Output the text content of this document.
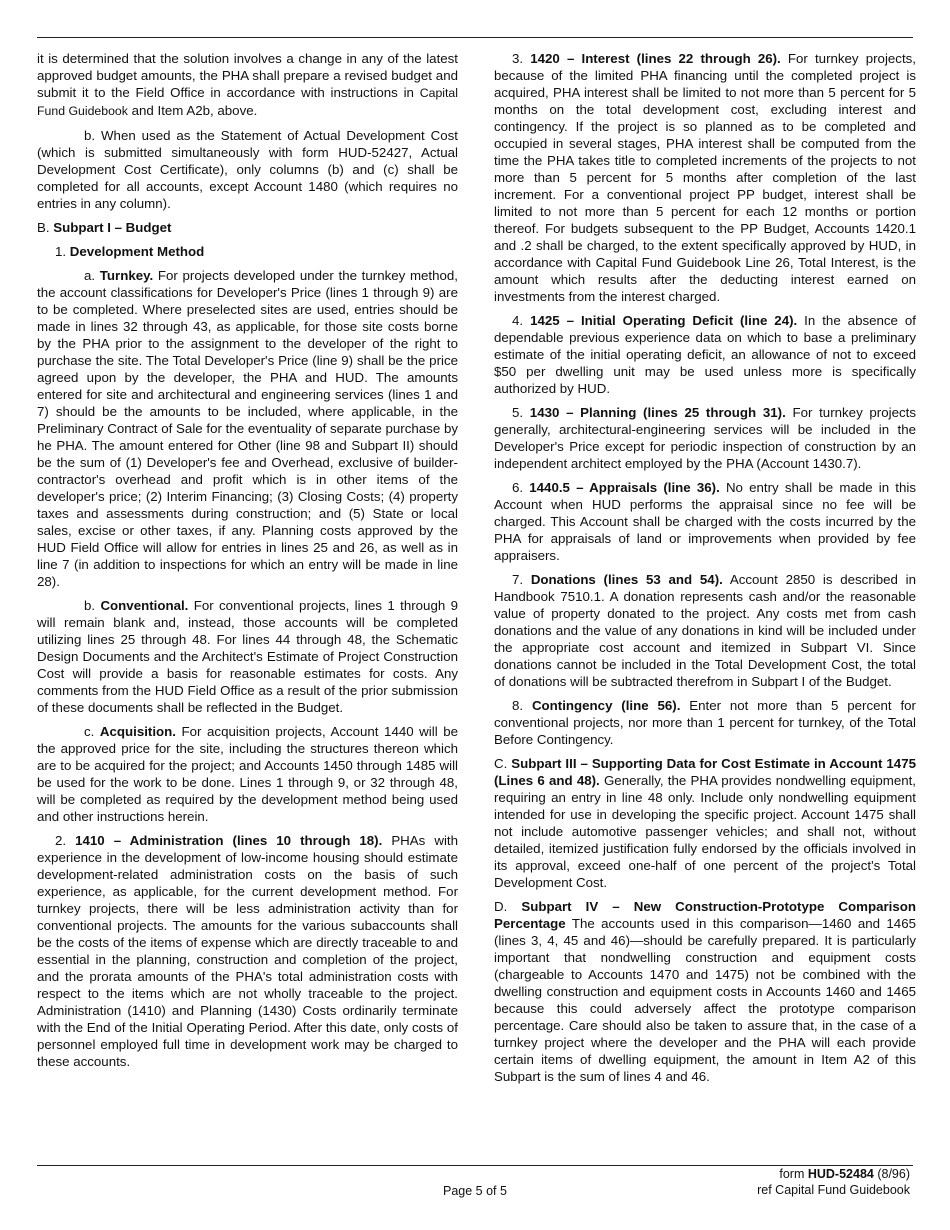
it is determined that the solution involves a change in any of the latest approved budget amounts, the PHA shall prepare a revised budget and submit it to the Field Office in accordance with instructions in Capital Fund Guidebook and Item A2b, above.

b. When used as the Statement of Actual Development Cost (which is submitted simultaneously with form HUD-52427, Actual Development Cost Certificate), only columns (b) and (c) shall be completed for all accounts, except Account 1480 (which requires no entries in any column).

B. Subpart I – Budget

1. Development Method

a. Turnkey. For projects developed under the turnkey method, the account classifications for Developer's Price (lines 1 through 9) are to be completed. Where preselected sites are used, entries should be made in lines 32 through 43, as applicable, for those site costs borne by the PHA prior to the assignment to the developer of the right to purchase the site. The Total Developer's Price (line 9) shall be the price agreed upon by the developer, the PHA and HUD. The amounts entered for site and architectural and engineering services (lines 1 and 7) should be the amounts to be included, where applicable, in the Preliminary Contract of Sale for the eventuality of separate purchase by he PHA. The amount entered for Other (line 98 and Subpart II) should be the sum of (1) Developer's fee and Overhead, exclusive of builder-contractor's overhead and profit which is in other items of the developer's price; (2) Interim Financing; (3) Closing Costs; (4) property taxes and assessments during construction; and (5) State or local sales, excise or other taxes, if any. Planning costs approved by the HUD Field Office will allow for entries in lines 25 and 26, as well as in line 7 (in addition to inspections for which an entry will be made in line 28).

b. Conventional. For conventional projects, lines 1 through 9 will remain blank and, instead, those accounts will be completed utilizing lines 25 through 48. For lines 44 through 48, the Schematic Design Documents and the Architect's Estimate of Project Construction Cost will provide a basis for reasonable estimates for costs. Any comments from the HUD Field Office as a result of the prior submission of these documents shall be reflected in the Budget.

c. Acquisition. For acquisition projects, Account 1440 will be the approved price for the site, including the structures thereon which are to be acquired for the project; and Accounts 1450 through 1485 will be used for the work to be done. Lines 1 through 9, or 32 through 48, will be completed as required by the development method being used and other instructions herein.

2. 1410 – Administration (lines 10 through 18). PHAs with experience in the development of low-income housing should estimate development-related administration costs on the basis of such experience, as applicable, for the current development method. For turnkey projects, there will be less administration activity than for conventional projects. The amounts for the various subaccounts shall be the costs of the items of expense which are directly traceable to and essential in the planning, construction and completion of the project, and the prorata amounts of the PHA's total administration costs with respect to the items which are not wholly traceable to the project. Administration (1410) and Planning (1430) Costs ordinarily terminate with the End of the Initial Operating Period. After this date, only costs of personnel employed full time in development work may be charged to these accounts.

3. 1420 – Interest (lines 22 through 26). For turnkey projects, because of the limited PHA financing until the completed project is acquired, PHA interest shall be limited to not more than 5 percent for 5 months on the total development cost, excluding interest and contingency. If the project is so planned as to be completed and occupied in several stages, PHA interest shall be computed from the time the PHA takes title to completed increments of the projects to not more than 5 percent for 5 months after completion of the last increment. For a conventional project PP budget, interest shall be limited to not more than 5 percent for each 12 months or portion thereof. For budgets subsequent to the PP Budget, Accounts 1420.1 and .2 shall be charged, to the extent specifically approved by HUD, in accordance with Capital Fund Guidebook Line 26, Total Interest, is the amount which results after the deducting interest earned on investments from the interest charged.

4. 1425 – Initial Operating Deficit (line 24). In the absence of dependable previous experience data on which to base a preliminary estimate of the initial operating deficit, an allowance of not to exceed $50 per dwelling unit may be used unless more is specifically authorized by HUD.

5. 1430 – Planning (lines 25 through 31). For turnkey projects generally, architectural-engineering services will be included in the Developer's Price except for periodic inspection of construction by an independent architect employed by the PHA (Account 1430.7).

6. 1440.5 – Appraisals (line 36). No entry shall be made in this Account when HUD performs the appraisal since no fee will be charged. This Account shall be charged with the costs incurred by the PHA for appraisals of land or improvements when provided by fee appraisers.

7. Donations (lines 53 and 54). Account 2850 is described in Handbook 7510.1. A donation represents cash and/or the reasonable value of property donated to the project. Any costs met from cash donations and the value of any donations in kind will be included under the appropriate cost account and itemized in Subpart VI. Since donations cannot be included in the Total Development Cost, the total of donations will be subtracted therefrom in Subpart I of the Budget.

8. Contingency (line 56). Enter not more than 5 percent for conventional projects, nor more than 1 percent for turnkey, of the Total Before Contingency.

C. Subpart III – Supporting Data for Cost Estimate in Account 1475 (Lines 6 and 48). Generally, the PHA provides nondwelling equipment, requiring an entry in line 48 only. Include only nondwelling equipment intended for use in developing the specific project. Account 1475 shall not include automotive passenger vehicles; and shall not, without detailed, itemized justification fully endorsed by the officials involved in its approval, exceed one-half of one percent of the project's Total Development Cost.

D. Subpart IV – New Construction-Prototype Comparison Percentage The accounts used in this comparison—1460 and 1465 (lines 3, 4, 45 and 46)—should be carefully prepared. It is particularly important that nondwelling construction and equipment costs (chargeable to Accounts 1470 and 1475) not be combined with the dwelling construction and equipment costs in Accounts 1460 and 1465 because this could adversely affect the prototype comparison percentage. Care should also be taken to assure that, in the case of a turnkey project where the developer and the PHA will each provide certain items of dwelling equipment, the amount in Item A2 of this Subpart is the sum of lines 4 and 46.

Page 5 of 5
form HUD-52484 (8/96)
ref Capital Fund Guidebook
